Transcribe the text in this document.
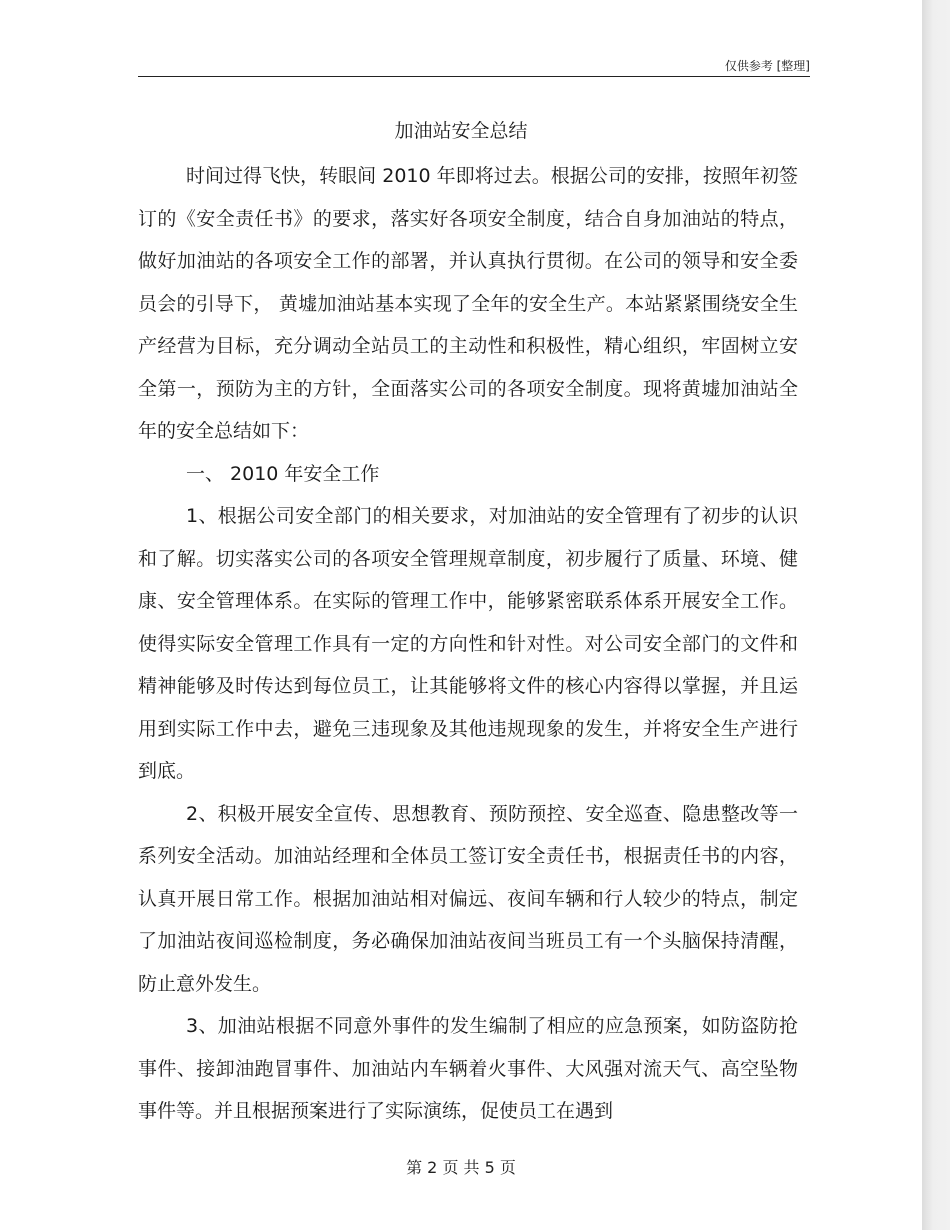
仅供参考 [整理]
加油站安全总结

时间过得飞快，转眼间 2010 年即将过去。根据公司的安排，按照年初签订的《安全责任书》的要求，落实好各项安全制度，结合自身加油站的特点，做好加油站的各项安全工作的部署，并认真执行贯彻。在公司的领导和安全委员会的引导下， 黄墟加油站基本实现了全年的安全生产。本站紧紧围绕安全生产经营为目标，充分调动全站员工的主动性和积极性，精心组织，牢固树立安全第一，预防为主的方针，全面落实公司的各项安全制度。现将黄墟加油站全年的安全总结如下：

一、 2010 年安全工作

1、根据公司安全部门的相关要求，对加油站的安全管理有了初步的认识和了解。切实落实公司的各项安全管理规章制度，初步履行了质量、环境、健康、安全管理体系。在实际的管理工作中，能够紧密联系体系开展安全工作。使得实际安全管理工作具有一定的方向性和针对性。对公司安全部门的文件和精神能够及时传达到每位员工，让其能够将文件的核心内容得以掌握，并且运用到实际工作中去，避免三违现象及其他违规现象的发生，并将安全生产进行到底。

2、积极开展安全宣传、思想教育、预防预控、安全巡查、隐患整改等一系列安全活动。加油站经理和全体员工签订安全责任书，根据责任书的内容，认真开展日常工作。根据加油站相对偏远、夜间车辆和行人较少的特点，制定了加油站夜间巡检制度，务必确保加油站夜间当班员工有一个头脑保持清醒，防止意外发生。

3、加油站根据不同意外事件的发生编制了相应的应急预案，如防盗防抢事件、接卸油跑冒事件、加油站内车辆着火事件、大风强对流天气、高空坠物事件等。并且根据预案进行了实际演练，促使员工在遇到

第 2 页 共 5 页
